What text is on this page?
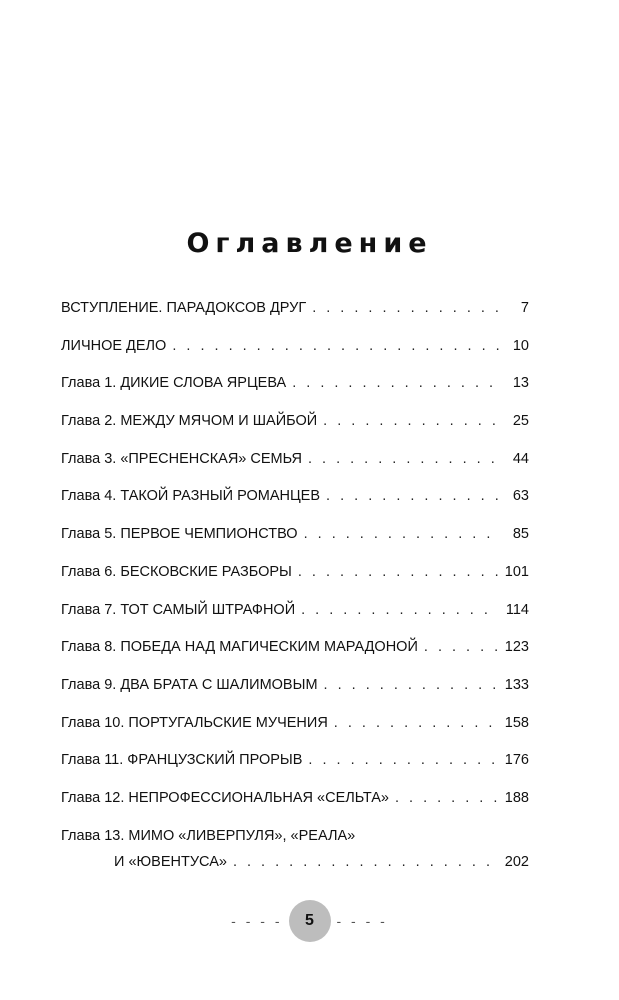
Оглавление
ВСТУПЛЕНИЕ. ПАРАДОКСОВ ДРУГ . . .	7
ЛИЧНОЕ ДЕЛО . . .	10
Глава 1. ДИКИЕ СЛОВА ЯРЦЕВА . . .	13
Глава 2. МЕЖДУ МЯЧОМ И ШАЙБОЙ . . .	25
Глава 3. «ПРЕСНЕНСКАЯ» СЕМЬЯ . . .	44
Глава 4. ТАКОЙ РАЗНЫЙ РОМАНЦЕВ . . .	63
Глава 5. ПЕРВОЕ ЧЕМПИОНСТВО . . .	85
Глава 6. БЕСКОВСКИЕ РАЗБОРЫ . . .	101
Глава 7. ТОТ САМЫЙ ШТРАФНОЙ . . .	114
Глава 8. ПОБЕДА НАД МАГИЧЕСКИМ МАРАДОНОЙ . . .	123
Глава 9. ДВА БРАТА С ШАЛИМОВЫМ . . .	133
Глава 10. ПОРТУГАЛЬСКИЕ МУЧЕНИЯ . . .	158
Глава 11. ФРАНЦУЗСКИЙ ПРОРЫВ . . .	176
Глава 12. НЕПРОФЕССИОНАЛЬНАЯ «СЕЛЬТА» . . .	188
Глава 13. МИМО «ЛИВЕРПУЛЯ», «РЕАЛА»
И «ЮВЕНТУСА» . . .	202
- - - -	5	- - - -
